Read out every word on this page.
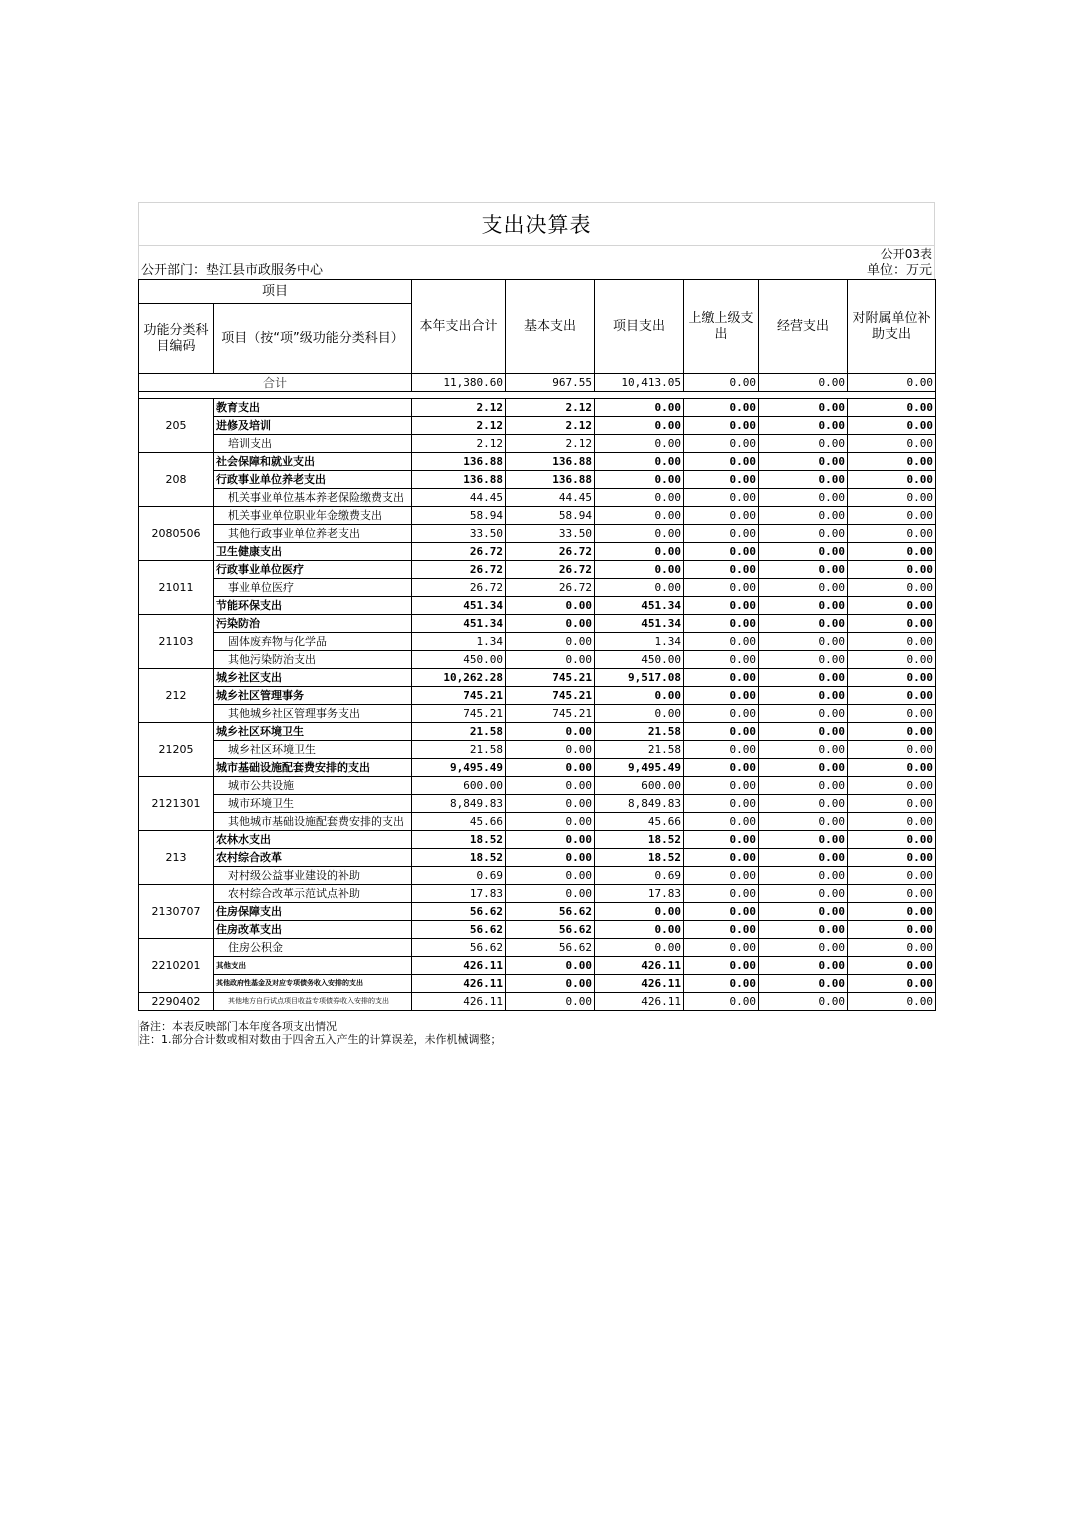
支出决算表
公开03表
公开部门：垫江县市政服务中心	单位：万元
项目		本年支出合计	基本支出	项目支出	上缴上级支出	经营支出	对附属单位补助支出
功能分类科目编码	项目（按“项”级功能分类科目）						
合计		11,380.60	967.55	10,413.05	0.00	0.00	0.00

205	教育支出	2.12	2.12	0.00	0.00	0.00	0.00
	进修及培训	2.12	2.12	0.00	0.00	0.00	0.00
	培训支出	2.12	2.12	0.00	0.00	0.00	0.00
208	社会保障和就业支出	136.88	136.88	0.00	0.00	0.00	0.00
	行政事业单位养老支出	136.88	136.88	0.00	0.00	0.00	0.00
	机关事业单位基本养老保险缴费支出	44.45	44.45	0.00	0.00	0.00	0.00
2080506	机关事业单位职业年金缴费支出	58.94	58.94	0.00	0.00	0.00	0.00
	其他行政事业单位养老支出	33.50	33.50	0.00	0.00	0.00	0.00
	卫生健康支出	26.72	26.72	0.00	0.00	0.00	0.00
21011	行政事业单位医疗	26.72	26.72	0.00	0.00	0.00	0.00
	事业单位医疗	26.72	26.72	0.00	0.00	0.00	0.00
	节能环保支出	451.34	0.00	451.34	0.00	0.00	0.00
21103	污染防治	451.34	0.00	451.34	0.00	0.00	0.00
	固体废弃物与化学品	1.34	0.00	1.34	0.00	0.00	0.00
	其他污染防治支出	450.00	0.00	450.00	0.00	0.00	0.00
212	城乡社区支出	10,262.28	745.21	9,517.08	0.00	0.00	0.00
	城乡社区管理事务	745.21	745.21	0.00	0.00	0.00	0.00
	其他城乡社区管理事务支出	745.21	745.21	0.00	0.00	0.00	0.00
21205	城乡社区环境卫生	21.58	0.00	21.58	0.00	0.00	0.00
	城乡社区环境卫生	21.58	0.00	21.58	0.00	0.00	0.00
	城市基础设施配套费安排的支出	9,495.49	0.00	9,495.49	0.00	0.00	0.00
2121301	城市公共设施	600.00	0.00	600.00	0.00	0.00	0.00
	城市环境卫生	8,849.83	0.00	8,849.83	0.00	0.00	0.00
	其他城市基础设施配套费安排的支出	45.66	0.00	45.66	0.00	0.00	0.00
213	农林水支出	18.52	0.00	18.52	0.00	0.00	0.00
	农村综合改革	18.52	0.00	18.52	0.00	0.00	0.00
	对村级公益事业建设的补助	0.69	0.00	0.69	0.00	0.00	0.00
2130707	农村综合改革示范试点补助	17.83	0.00	17.83	0.00	0.00	0.00
	住房保障支出	56.62	56.62	0.00	0.00	0.00	0.00
	住房改革支出	56.62	56.62	0.00	0.00	0.00	0.00
2210201	住房公积金	56.62	56.62	0.00	0.00	0.00	0.00
	其他支出	426.11	0.00	426.11	0.00	0.00	0.00
	其他政府性基金及对应专项债务收入安排的支出	426.11	0.00	426.11	0.00	0.00	0.00
2290402	其他地方自行试点项目收益专项债券收入安排的支出	426.11	0.00	426.11	0.00	0.00	0.00
备注：本表反映部门本年度各项支出情况
注：1.部分合计数或相对数由于四舍五入产生的计算误差，未作机械调整；
